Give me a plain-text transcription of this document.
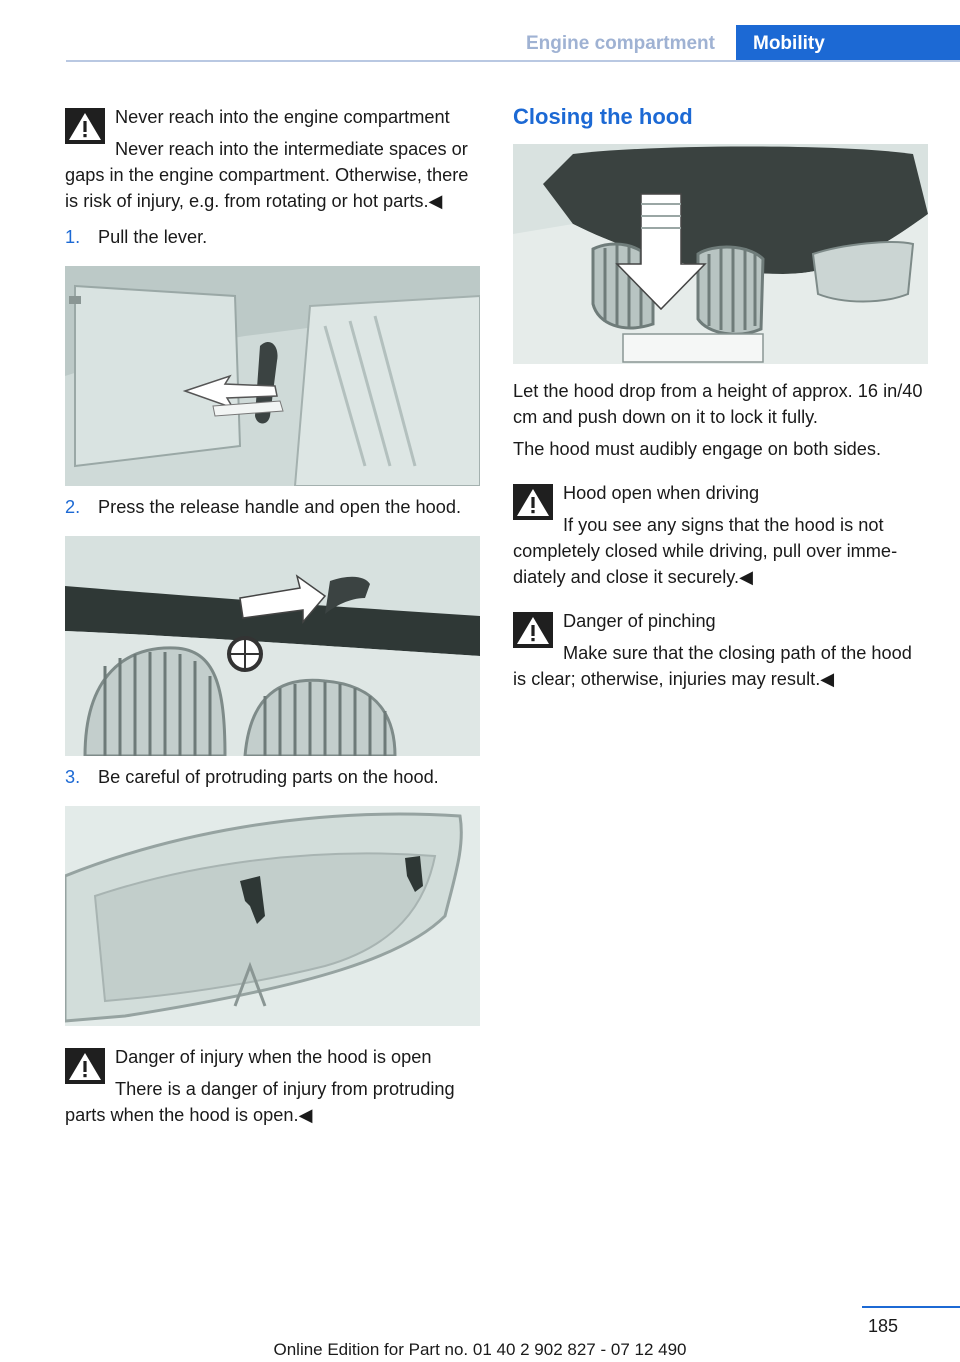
Engine compartment	Mobility
Never reach into the engine compartment
Never reach into the intermediate spaces or gaps in the engine compartment. Otherwise, there is risk of injury, e.g. from rotating or hot parts.◀
1. Pull the lever.
2. Press the release handle and open the hood.
3. Be careful of protruding parts on the hood.
Danger of injury when the hood is open
There is a danger of injury from protruding parts when the hood is open.◀
Closing the hood

Let the hood drop from a height of approx. 16 in/40 cm and push down on it to lock it fully.

The hood must audibly engage on both sides.

Hood open when driving
If you see any signs that the hood is not completely closed while driving, pull over immediately and close it securely.◀
Danger of pinching
Make sure that the closing path of the hood is clear; otherwise, injuries may result.◀
185
Online Edition for Part no. 01 40 2 902 827 - 07 12 490
